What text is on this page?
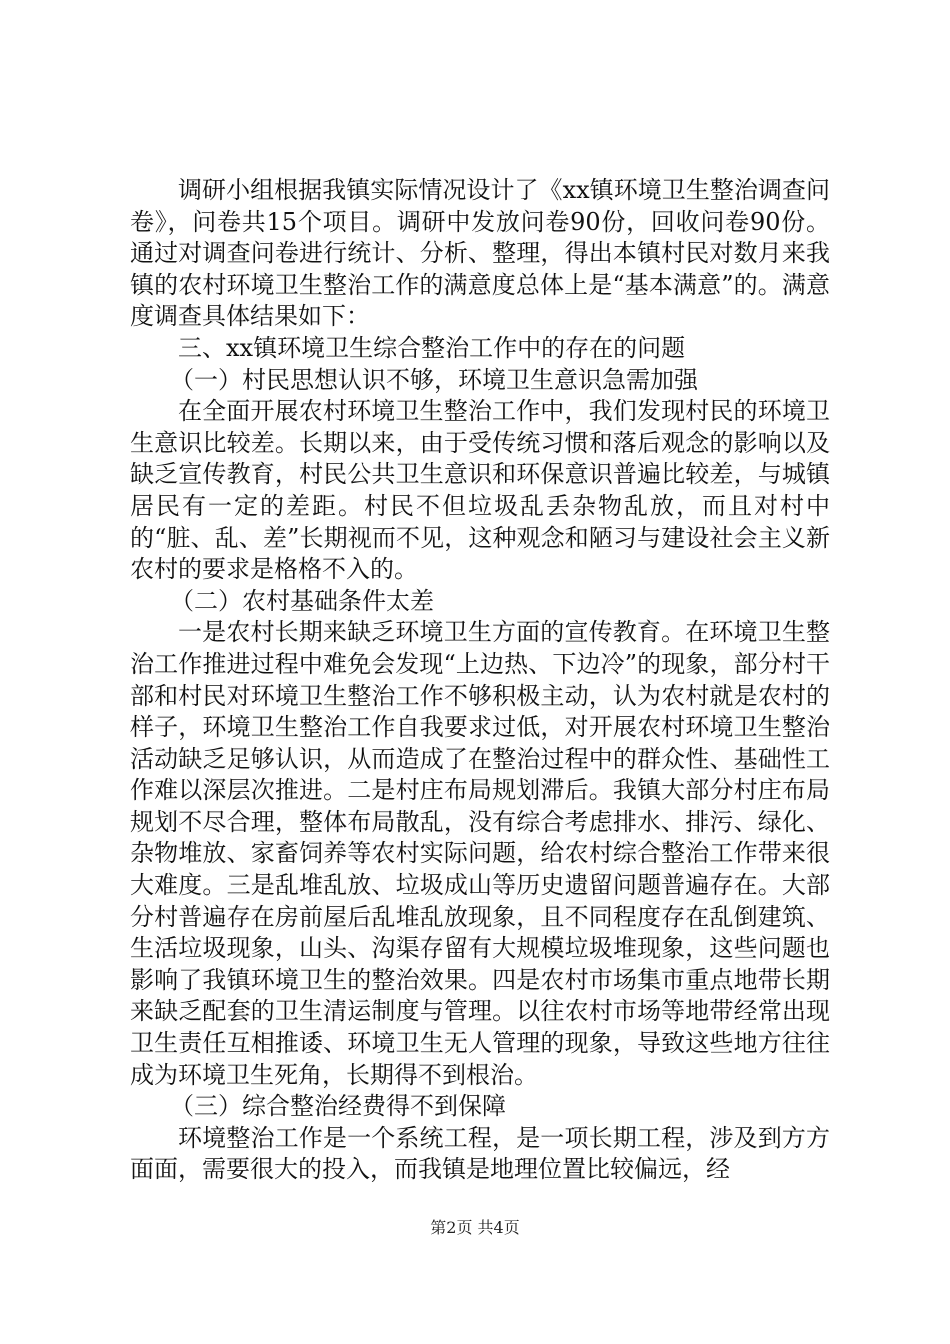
调研小组根据我镇实际情况设计了《xx镇环境卫生整治调查问卷》，问卷共15个项目。调研中发放问卷90份，回收问卷90份。通过对调查问卷进行统计、分析、整理，得出本镇村民对数月来我镇的农村环境卫生整治工作的满意度总体上是“基本满意”的。满意度调查具体结果如下：

三、xx镇环境卫生综合整治工作中的存在的问题

（一）村民思想认识不够，环境卫生意识急需加强

在全面开展农村环境卫生整治工作中，我们发现村民的环境卫生意识比较差。长期以来，由于受传统习惯和落后观念的影响以及缺乏宣传教育，村民公共卫生意识和环保意识普遍比较差，与城镇居民有一定的差距。村民不但垃圾乱丢杂物乱放，而且对村中的“脏、乱、差”长期视而不见，这种观念和陋习与建设社会主义新农村的要求是格格不入的。

（二）农村基础条件太差

一是农村长期来缺乏环境卫生方面的宣传教育。在环境卫生整治工作推进过程中难免会发现“上边热、下边冷”的现象，部分村干部和村民对环境卫生整治工作不够积极主动，认为农村就是农村的样子，环境卫生整治工作自我要求过低，对开展农村环境卫生整治活动缺乏足够认识，从而造成了在整治过程中的群众性、基础性工作难以深层次推进。二是村庄布局规划滞后。我镇大部分村庄布局规划不尽合理，整体布局散乱，没有综合考虑排水、排污、绿化、杂物堆放、家畜饲养等农村实际问题，给农村综合整治工作带来很大难度。三是乱堆乱放、垃圾成山等历史遗留问题普遍存在。大部分村普遍存在房前屋后乱堆乱放现象，且不同程度存在乱倒建筑、生活垃圾现象，山头、沟渠存留有大规模垃圾堆现象，这些问题也影响了我镇环境卫生的整治效果。四是农村市场集市重点地带长期来缺乏配套的卫生清运制度与管理。以往农村市场等地带经常出现卫生责任互相推诿、环境卫生无人管理的现象，导致这些地方往往成为环境卫生死角，长期得不到根治。

（三）综合整治经费得不到保障

环境整治工作是一个系统工程，是一项长期工程，涉及到方方面面，需要很大的投入，而我镇是地理位置比较偏远，经

第2页 共4页
